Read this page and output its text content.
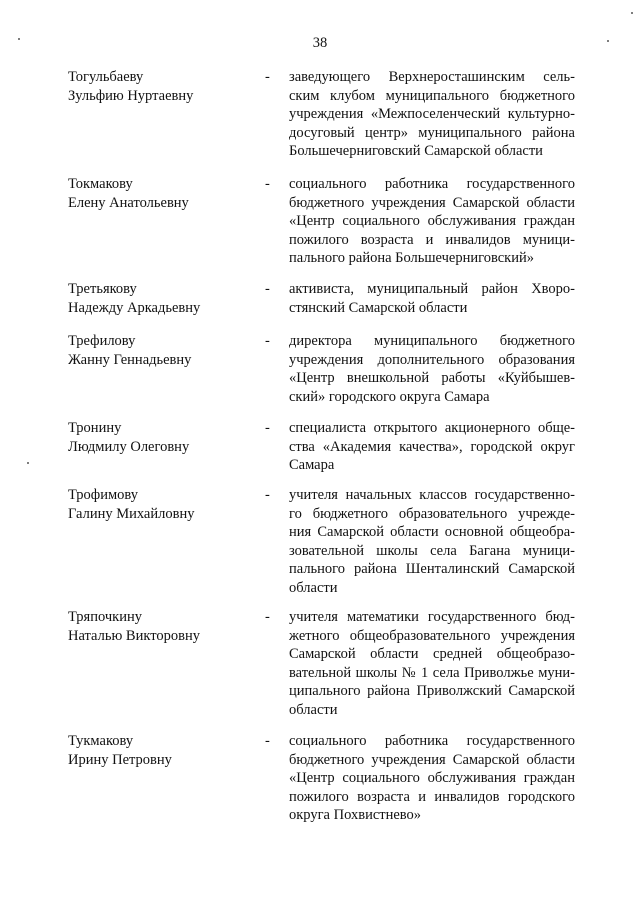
38
Тогульбаеву
Зульфию Нуртаевну
- заведующего Верхнеросташинским сель-
ским клубом муниципального бюджетного
учреждения «Межпоселенческий культурно-
досуговый центр» муниципального района
Большечерниговский Самарской области
Токмакову
Елену Анатольевну
- социального работника государственного
бюджетного учреждения Самарской области
«Центр социального обслуживания граждан
пожилого возраста и инвалидов муници-
пального района Большечерниговский»
Третьякову
Надежду Аркадьевну
- активиста, муниципальный район Хворо-
стянский Самарской области
Трефилову
Жанну Геннадьевну
- директора муниципального бюджетного
учреждения дополнительного образования
«Центр внешкольной работы «Куйбышев-
ский» городского округа Самара
Тронину
Людмилу Олеговну
- специалиста открытого акционерного обще-
ства «Академия качества», городской округ
Самара
Трофимову
Галину Михайловну
- учителя начальных классов государственно-
го бюджетного образовательного учрежде-
ния Самарской области основной общеобра-
зовательной школы села Багана муници-
пального района Шенталинский Самарской
области
Тряпочкину
Наталью Викторовну
- учителя математики государственного бюд-
жетного общеобразовательного учреждения
Самарской области средней общеобразо-
вательной школы № 1 села Приволжье муни-
ципального района Приволжский Самарской
области
Тукмакову
Ирину Петровну
- социального работника государственного
бюджетного учреждения Самарской области
«Центр социального обслуживания граждан
пожилого возраста и инвалидов городского
округа Похвистнево»
